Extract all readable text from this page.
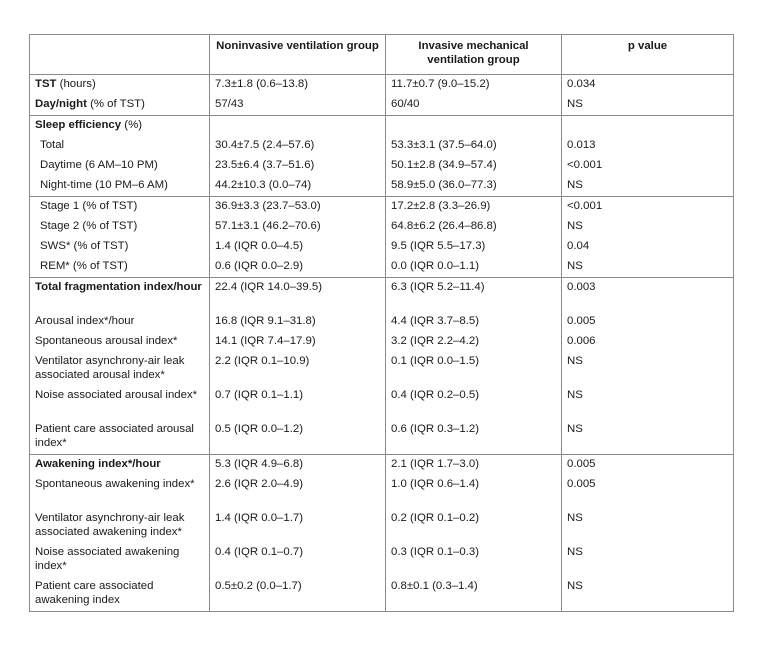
	Noninvasive ventilation group	Invasive mechanical ventilation group	p value
TST (hours)	7.3±1.8 (0.6–13.8)	11.7±0.7 (9.0–15.2)	0.034
Day/night (% of TST)	57/43	60/40	NS
Sleep efficiency (%)			
Total	30.4±7.5 (2.4–57.6)	53.3±3.1 (37.5–64.0)	0.013
Daytime (6 AM–10 PM)	23.5±6.4 (3.7–51.6)	50.1±2.8 (34.9–57.4)	<0.001
Night-time (10 PM–6 AM)	44.2±10.3 (0.0–74)	58.9±5.0 (36.0–77.3)	NS
Stage 1 (% of TST)	36.9±3.3 (23.7–53.0)	17.2±2.8 (3.3–26.9)	<0.001
Stage 2 (% of TST)	57.1±3.1 (46.2–70.6)	64.8±6.2 (26.4–86.8)	NS
SWS* (% of TST)	1.4 (IQR 0.0–4.5)	9.5 (IQR 5.5–17.3)	0.04
REM* (% of TST)	0.6 (IQR 0.0–2.9)	0.0 (IQR 0.0–1.1)	NS
Total fragmentation index/hour	22.4 (IQR 14.0–39.5)	6.3 (IQR 5.2–11.4)	0.003
Arousal index*/hour	16.8 (IQR 9.1–31.8)	4.4 (IQR 3.7–8.5)	0.005
Spontaneous arousal index*	14.1 (IQR 7.4–17.9)	3.2 (IQR 2.2–4.2)	0.006
Ventilator asynchrony-air leak associated arousal index*	2.2 (IQR 0.1–10.9)	0.1 (IQR 0.0–1.5)	NS
Noise associated arousal index*	0.7 (IQR 0.1–1.1)	0.4 (IQR 0.2–0.5)	NS
Patient care associated arousal index*	0.5 (IQR 0.0–1.2)	0.6 (IQR 0.3–1.2)	NS
Awakening index*/hour	5.3 (IQR 4.9–6.8)	2.1 (IQR 1.7–3.0)	0.005
Spontaneous awakening index*	2.6 (IQR 2.0–4.9)	1.0 (IQR 0.6–1.4)	0.005
Ventilator asynchrony-air leak associated awakening index*	1.4 (IQR 0.0–1.7)	0.2 (IQR 0.1–0.2)	NS
Noise associated awakening index*	0.4 (IQR 0.1–0.7)	0.3 (IQR 0.1–0.3)	NS
Patient care associated awakening index	0.5±0.2 (0.0–1.7)	0.8±0.1 (0.3–1.4)	NS
